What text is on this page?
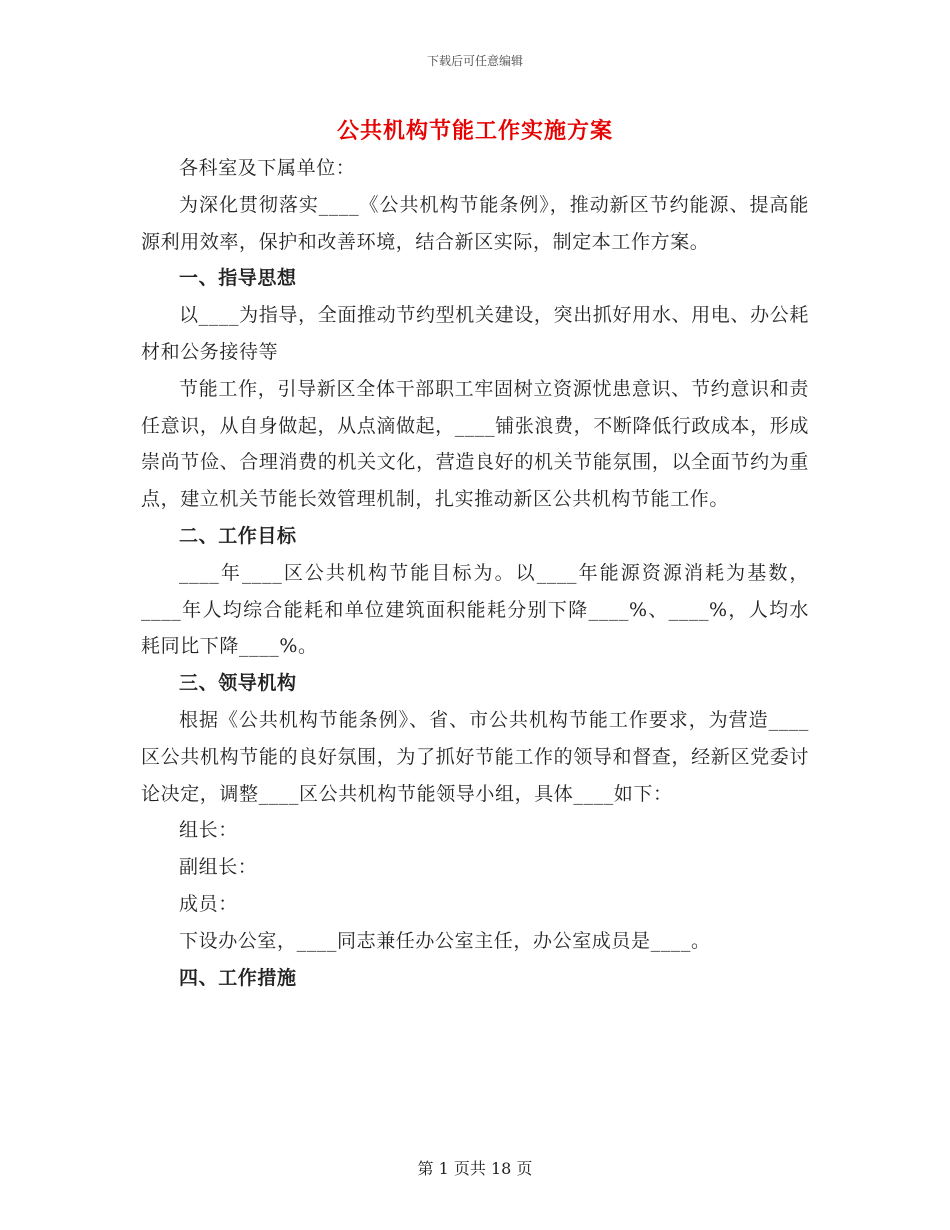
下载后可任意编辑
公共机构节能工作实施方案

各科室及下属单位：

为深化贯彻落实____《公共机构节能条例》，推动新区节约能源、提高能源利用效率，保护和改善环境，结合新区实际，制定本工作方案。

一、指导思想

以____为指导，全面推动节约型机关建设，突出抓好用水、用电、办公耗材和公务接待等

节能工作，引导新区全体干部职工牢固树立资源忧患意识、节约意识和责任意识，从自身做起，从点滴做起，____铺张浪费，不断降低行政成本，形成崇尚节俭、合理消费的机关文化，营造良好的机关节能氛围，以全面节约为重点，建立机关节能长效管理机制，扎实推动新区公共机构节能工作。

二、工作目标

____年____区公共机构节能目标为。以____年能源资源消耗为基数，____年人均综合能耗和单位建筑面积能耗分别下降____%、____%，人均水耗同比下降____%。

三、领导机构

根据《公共机构节能条例》、省、市公共机构节能工作要求，为营造____区公共机构节能的良好氛围，为了抓好节能工作的领导和督查，经新区党委讨论决定，调整____区公共机构节能领导小组，具体____如下：

组长：

副组长：

成员：

下设办公室，____同志兼任办公室主任，办公室成员是____。

四、工作措施

第 1 页共 18 页
